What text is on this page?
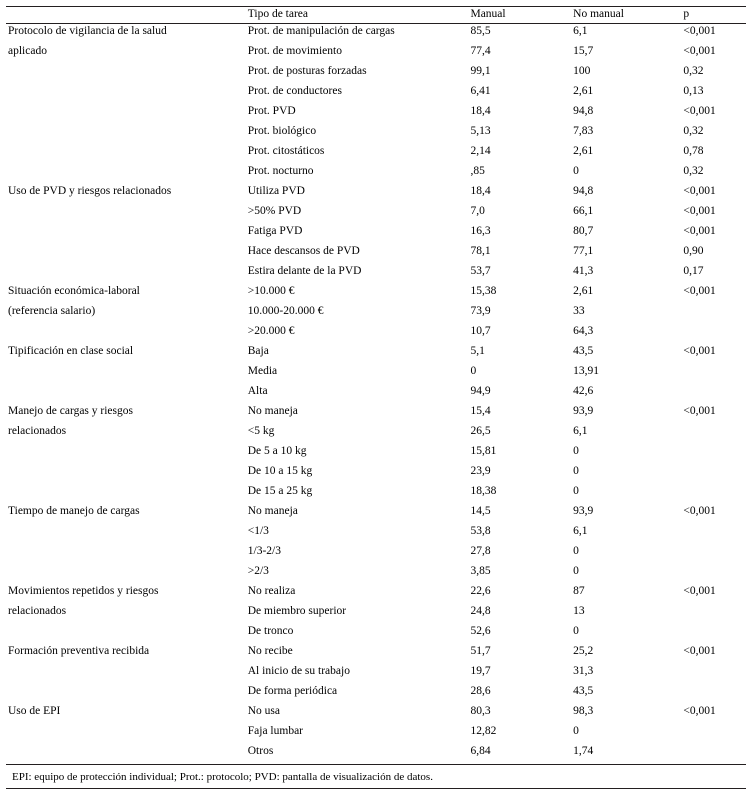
	Tipo de tarea	Manual	No manual	p
Protocolo de vigilancia de la salud	Prot. de manipulación de cargas	85,5	6,1	<0,001
aplicado	Prot. de movimiento	77,4	15,7	<0,001
	Prot. de posturas forzadas	99,1	100	0,32
	Prot. de conductores	6,41	2,61	0,13
	Prot. PVD	18,4	94,8	<0,001
	Prot. biológico	5,13	7,83	0,32
	Prot. citostáticos	2,14	2,61	0,78
	Prot. nocturno	,85	0	0,32
Uso de PVD y riesgos relacionados	Utiliza PVD	18,4	94,8	<0,001
	>50% PVD	7,0	66,1	<0,001
	Fatiga PVD	16,3	80,7	<0,001
	Hace descansos de PVD	78,1	77,1	0,90
	Estira delante de la PVD	53,7	41,3	0,17
Situación económica-laboral	>10.000 €	15,38	2,61	<0,001
(referencia salario)	10.000-20.000 €	73,9	33	
	>20.000 €	10,7	64,3	
Tipificación en clase social	Baja	5,1	43,5	<0,001
	Media	0	13,91	
	Alta	94,9	42,6	
Manejo de cargas y riesgos	No maneja	15,4	93,9	<0,001
relacionados	<5 kg	26,5	6,1	
	De 5 a 10 kg	15,81	0	
	De 10 a 15 kg	23,9	0	
	De 15 a 25 kg	18,38	0	
Tiempo de manejo de cargas	No maneja	14,5	93,9	<0,001
	<1/3	53,8	6,1	
	1/3-2/3	27,8	0	
	>2/3	3,85	0	
Movimientos repetidos y riesgos	No realiza	22,6	87	<0,001
relacionados	De miembro superior	24,8	13	
	De tronco	52,6	0	
Formación preventiva recibida	No recibe	51,7	25,2	<0,001
	Al inicio de su trabajo	19,7	31,3	
	De forma periódica	28,6	43,5	
Uso de EPI	No usa	80,3	98,3	<0,001
	Faja lumbar	12,82	0	
	Otros	6,84	1,74	
EPI: equipo de protección individual; Prot.: protocolo; PVD: pantalla de visualización de datos.
